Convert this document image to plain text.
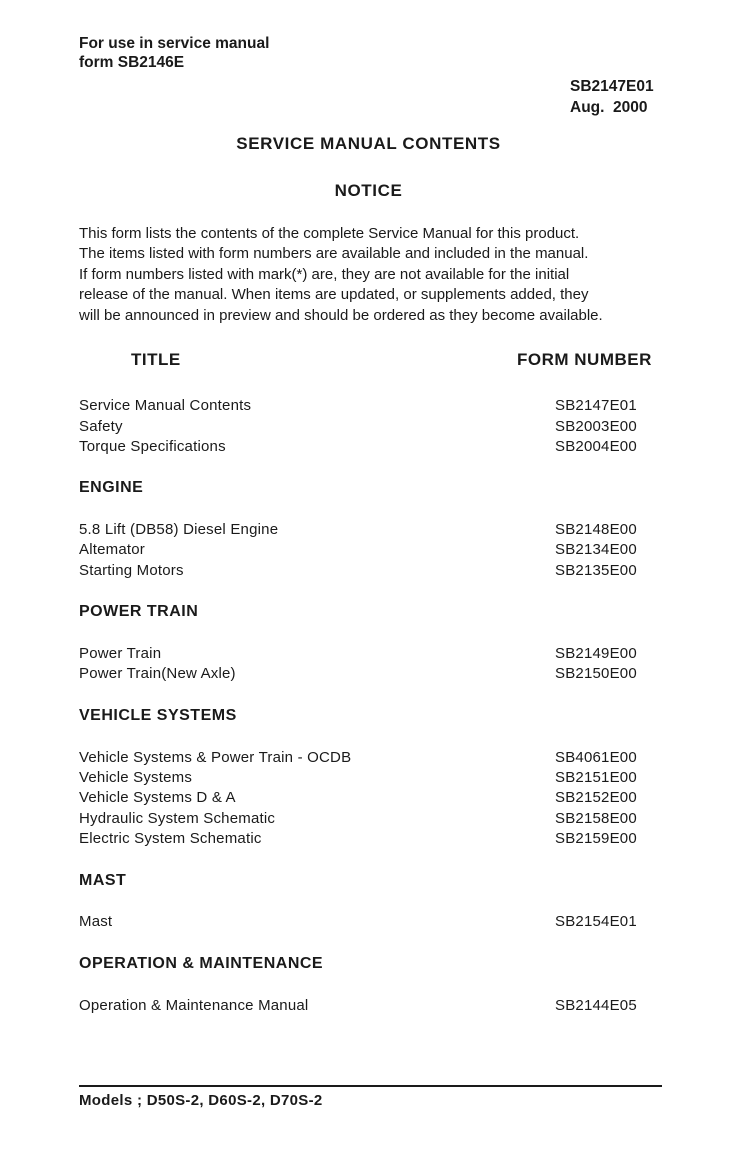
For use in service manual
form SB2146E
SB2147E01
Aug.  2000
SERVICE MANUAL CONTENTS
NOTICE
This form lists the contents of the complete Service Manual for this product.
The items listed with form numbers are available and included in the manual.
If form numbers listed with mark(*) are, they are not available for the initial
release of the manual. When items are updated, or supplements added, they
will be announced in preview and should be ordered as they become available.
TITLE	FORM NUMBER
Service Manual Contents	SB2147E01
Safety	SB2003E00
Torque Specifications	SB2004E00
ENGINE
5.8 Lift (DB58) Diesel Engine	SB2148E00
Altemator	SB2134E00
Starting Motors	SB2135E00
POWER TRAIN
Power Train	SB2149E00
Power Train(New Axle)	SB2150E00
VEHICLE SYSTEMS
Vehicle Systems & Power Train - OCDB	SB4061E00
Vehicle Systems	SB2151E00
Vehicle Systems D & A	SB2152E00
Hydraulic System Schematic	SB2158E00
Electric System Schematic	SB2159E00
MAST
Mast	SB2154E01
OPERATION & MAINTENANCE
Operation & Maintenance Manual	SB2144E05
Models ; D50S-2, D60S-2, D70S-2
